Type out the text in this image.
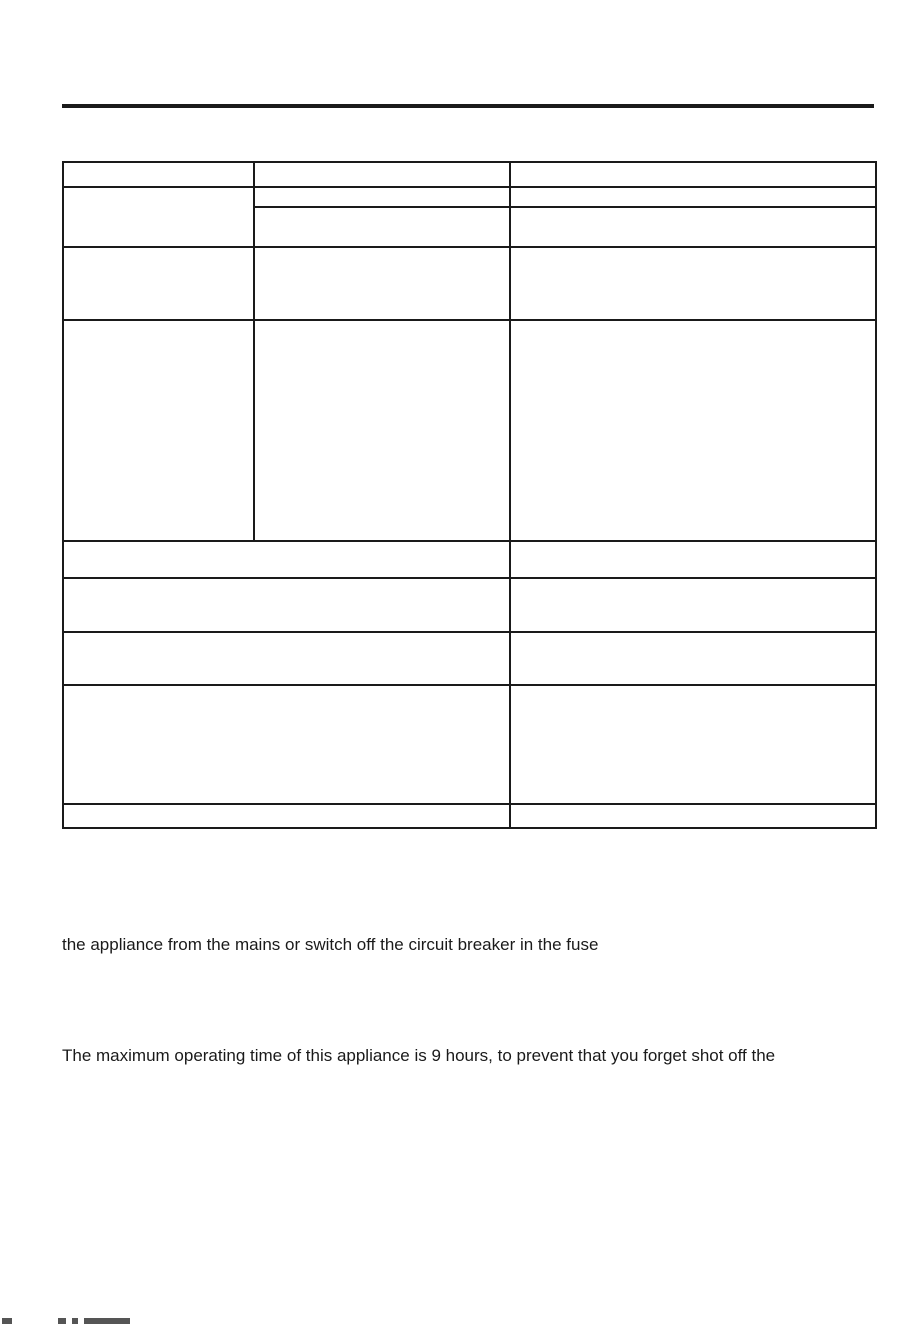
the appliance from the mains or switch off the circuit breaker in the fuse
The maximum operating time of this appliance is 9 hours, to prevent that you forget shot off the
